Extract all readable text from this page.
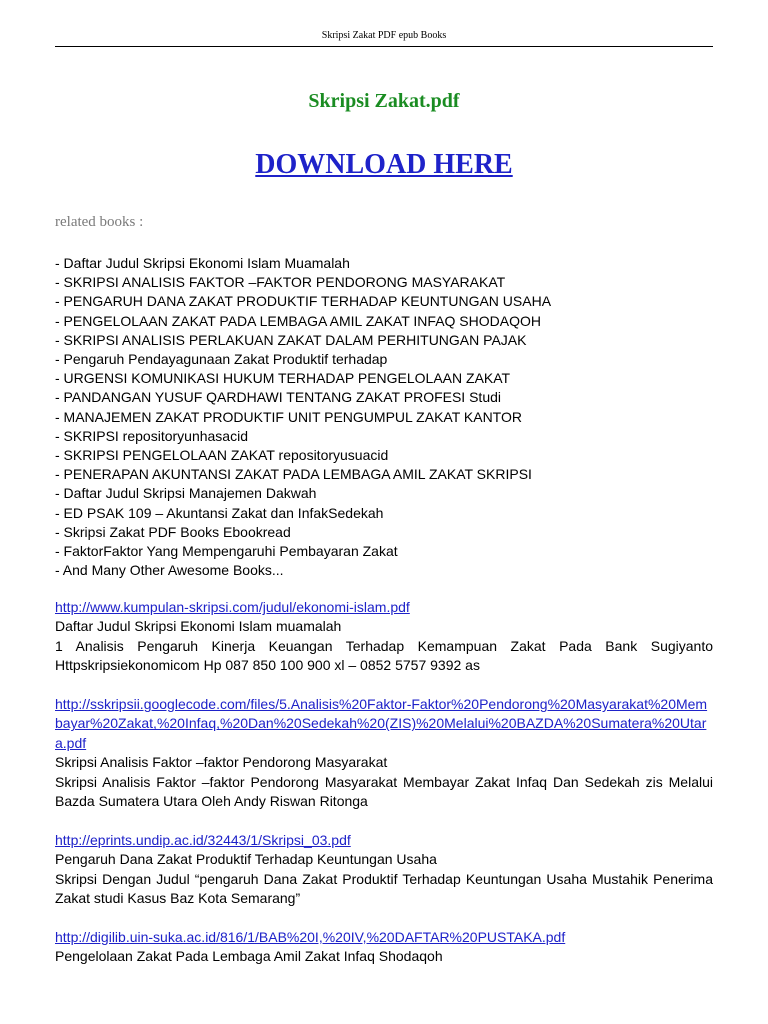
Skripsi Zakat PDF epub Books
Skripsi Zakat.pdf
DOWNLOAD HERE
related books :
- Daftar Judul Skripsi Ekonomi Islam Muamalah
- SKRIPSI ANALISIS FAKTOR –FAKTOR PENDORONG MASYARAKAT
- PENGARUH DANA ZAKAT PRODUKTIF TERHADAP KEUNTUNGAN USAHA
- PENGELOLAAN ZAKAT PADA LEMBAGA AMIL ZAKAT INFAQ SHODAQOH
- SKRIPSI ANALISIS PERLAKUAN ZAKAT DALAM PERHITUNGAN PAJAK
- Pengaruh Pendayagunaan Zakat Produktif terhadap
- URGENSI KOMUNIKASI HUKUM TERHADAP PENGELOLAAN ZAKAT
- PANDANGAN YUSUF QARDHAWI TENTANG ZAKAT PROFESI Studi
- MANAJEMEN ZAKAT PRODUKTIF UNIT PENGUMPUL ZAKAT KANTOR
- SKRIPSI repositoryunhasacid
- SKRIPSI PENGELOLAAN ZAKAT repositoryusuacid
- PENERAPAN AKUNTANSI ZAKAT PADA LEMBAGA AMIL ZAKAT SKRIPSI
- Daftar Judul Skripsi Manajemen Dakwah
- ED PSAK 109 – Akuntansi Zakat dan InfakSedekah
- Skripsi Zakat PDF Books Ebookread
- FaktorFaktor Yang Mempengaruhi Pembayaran Zakat
- And Many Other Awesome Books...
http://www.kumpulan-skripsi.com/judul/ekonomi-islam.pdf
Daftar Judul Skripsi Ekonomi Islam muamalah
1 Analisis Pengaruh Kinerja Keuangan Terhadap Kemampuan Zakat Pada Bank Sugiyanto Httpskripsiekonomicom Hp 087 850 100 900 xl – 0852 5757 9392 as
http://sskripsii.googlecode.com/files/5.Analisis%20Faktor-Faktor%20Pendorong%20Masyarakat%20Membayar%20Zakat,%20Infaq,%20Dan%20Sedekah%20(ZIS)%20Melalui%20BAZDA%20Sumatera%20Utara.pdf
Skripsi Analisis Faktor –faktor Pendorong Masyarakat
Skripsi Analisis Faktor –faktor Pendorong Masyarakat Membayar Zakat Infaq Dan Sedekah zis Melalui Bazda Sumatera Utara Oleh Andy Riswan Ritonga
http://eprints.undip.ac.id/32443/1/Skripsi_03.pdf
Pengaruh Dana Zakat Produktif Terhadap Keuntungan Usaha
Skripsi Dengan Judul “pengaruh Dana Zakat Produktif Terhadap Keuntungan Usaha Mustahik Penerima Zakat studi Kasus Baz Kota Semarang”
http://digilib.uin-suka.ac.id/816/1/BAB%20I,%20IV,%20DAFTAR%20PUSTAKA.pdf
Pengelolaan Zakat Pada Lembaga Amil Zakat Infaq Shodaqoh
